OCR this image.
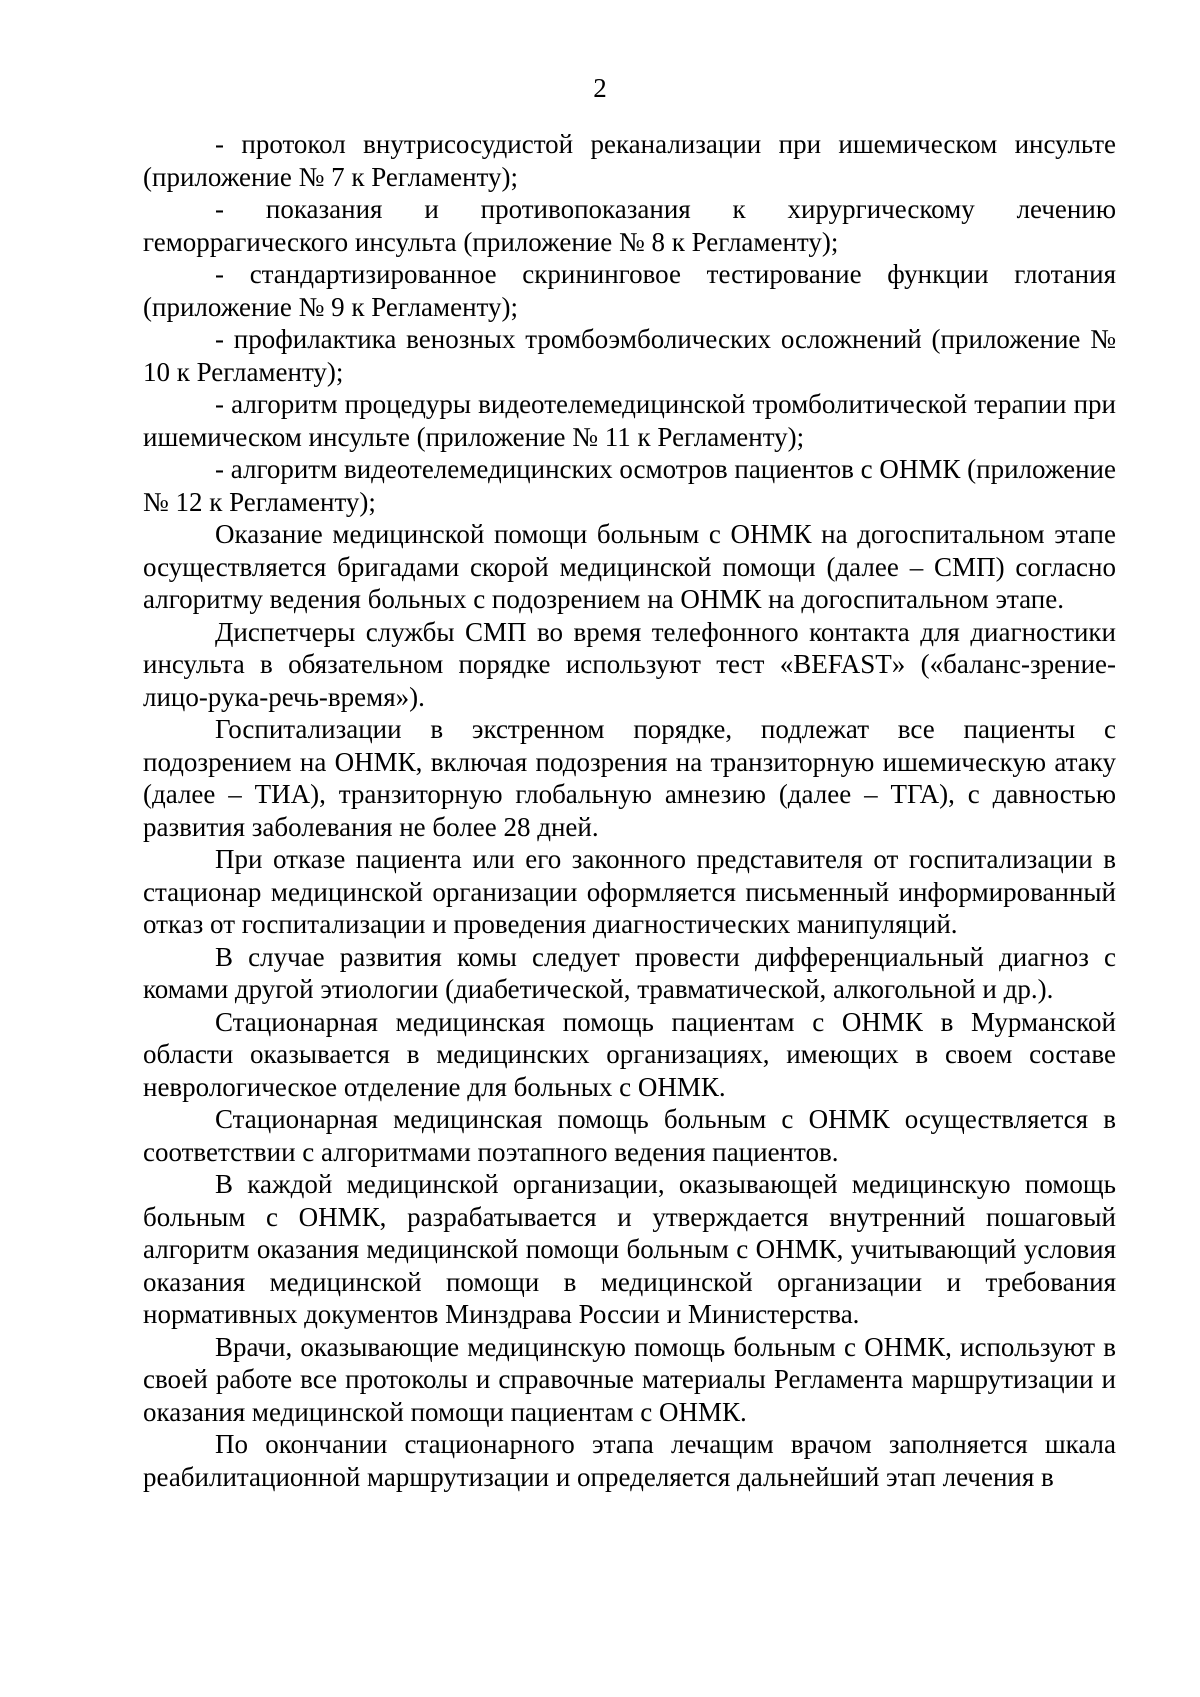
2

- протокол внутрисосудистой реканализации при ишемическом инсульте (приложение № 7 к Регламенту);

- показания и противопоказания к хирургическому лечению геморрагического инсульта (приложение № 8 к Регламенту);

- стандартизированное скрининговое тестирование функции глотания (приложение № 9 к Регламенту);

- профилактика венозных тромбоэмболических осложнений (приложение № 10 к Регламенту);

- алгоритм процедуры видеотелемедицинской тромболитической терапии при ишемическом инсульте (приложение № 11 к Регламенту);

- алгоритм видеотелемедицинских осмотров пациентов с ОНМК (приложение № 12 к Регламенту);

Оказание медицинской помощи больным с ОНМК на догоспитальном этапе осуществляется бригадами скорой медицинской помощи (далее – СМП) согласно алгоритму ведения больных с подозрением на ОНМК на догоспитальном этапе.

Диспетчеры службы СМП во время телефонного контакта для диагностики инсульта в обязательном порядке используют тест «BEFAST» («баланс-зрение-лицо-рука-речь-время»).

Госпитализации в экстренном порядке, подлежат все пациенты с подозрением на ОНМК, включая подозрения на транзиторную ишемическую атаку (далее – ТИА), транзиторную глобальную амнезию (далее – ТГА), с давностью развития заболевания не более 28 дней.

При отказе пациента или его законного представителя от госпитализации в стационар медицинской организации оформляется письменный информированный отказ от госпитализации и проведения диагностических манипуляций.

В случае развития комы следует провести дифференциальный диагноз с комами другой этиологии (диабетической, травматической, алкогольной и др.).

Стационарная медицинская помощь пациентам с ОНМК в Мурманской области оказывается в медицинских организациях, имеющих в своем составе неврологическое отделение для больных с ОНМК.

Стационарная медицинская помощь больным с ОНМК осуществляется в соответствии с алгоритмами поэтапного ведения пациентов.

В каждой медицинской организации, оказывающей медицинскую помощь больным с ОНМК, разрабатывается и утверждается внутренний пошаговый алгоритм оказания медицинской помощи больным с ОНМК, учитывающий условия оказания медицинской помощи в медицинской организации и требования нормативных документов Минздрава России и Министерства.

Врачи, оказывающие медицинскую помощь больным с ОНМК, используют в своей работе все протоколы и справочные материалы Регламента маршрутизации и оказания медицинской помощи пациентам с ОНМК.

По окончании стационарного этапа лечащим врачом заполняется шкала реабилитационной маршрутизации и определяется дальнейший этап лечения в
